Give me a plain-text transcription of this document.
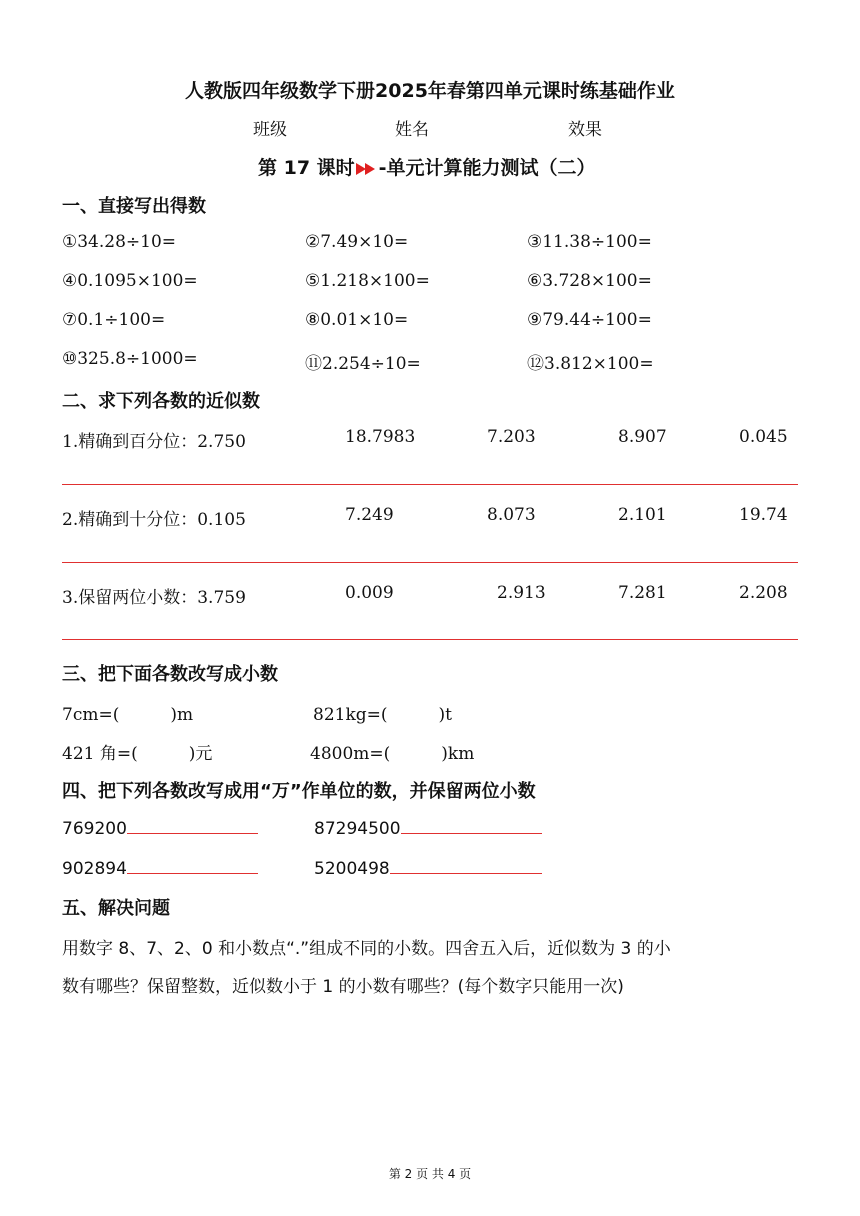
人教版四年级数学下册2025年春第四单元课时练基础作业
班级	姓名	效果
第 17 课时 -单元计算能力测试（二）
一、直接写出得数
①34.28÷10=	②7.49×10=	③11.38÷100=
④0.1095×100=	⑤1.218×100=	⑥3.728×100=
⑦0.1÷100=	⑧0.01×10=	⑨79.44÷100=
⑩325.8÷1000=	⑪2.254÷10=	⑫3.812×100=
二、求下列各数的近似数
1.精确到百分位：2.750	18.7983	7.203	8.907	0.045
2.精确到十分位：0.105	7.249	8.073	2.101	19.74
3.保留两位小数：3.759	0.009	2.913	7.281	2.208
三、把下面各数改写成小数
7cm=(　　　)m	821kg=(　　　)t
421 角=(　　　)元	4800m=(　　　)km
四、把下列各数改写成用“万”作单位的数，并保留两位小数
769200	87294500
902894	5200498
五、解决问题
用数字 8、7、2、0 和小数点“.”组成不同的小数。四舍五入后，近似数为 3 的小
数有哪些？保留整数，近似数小于 1 的小数有哪些？(每个数字只能用一次)
第 2 页 共 4 页
